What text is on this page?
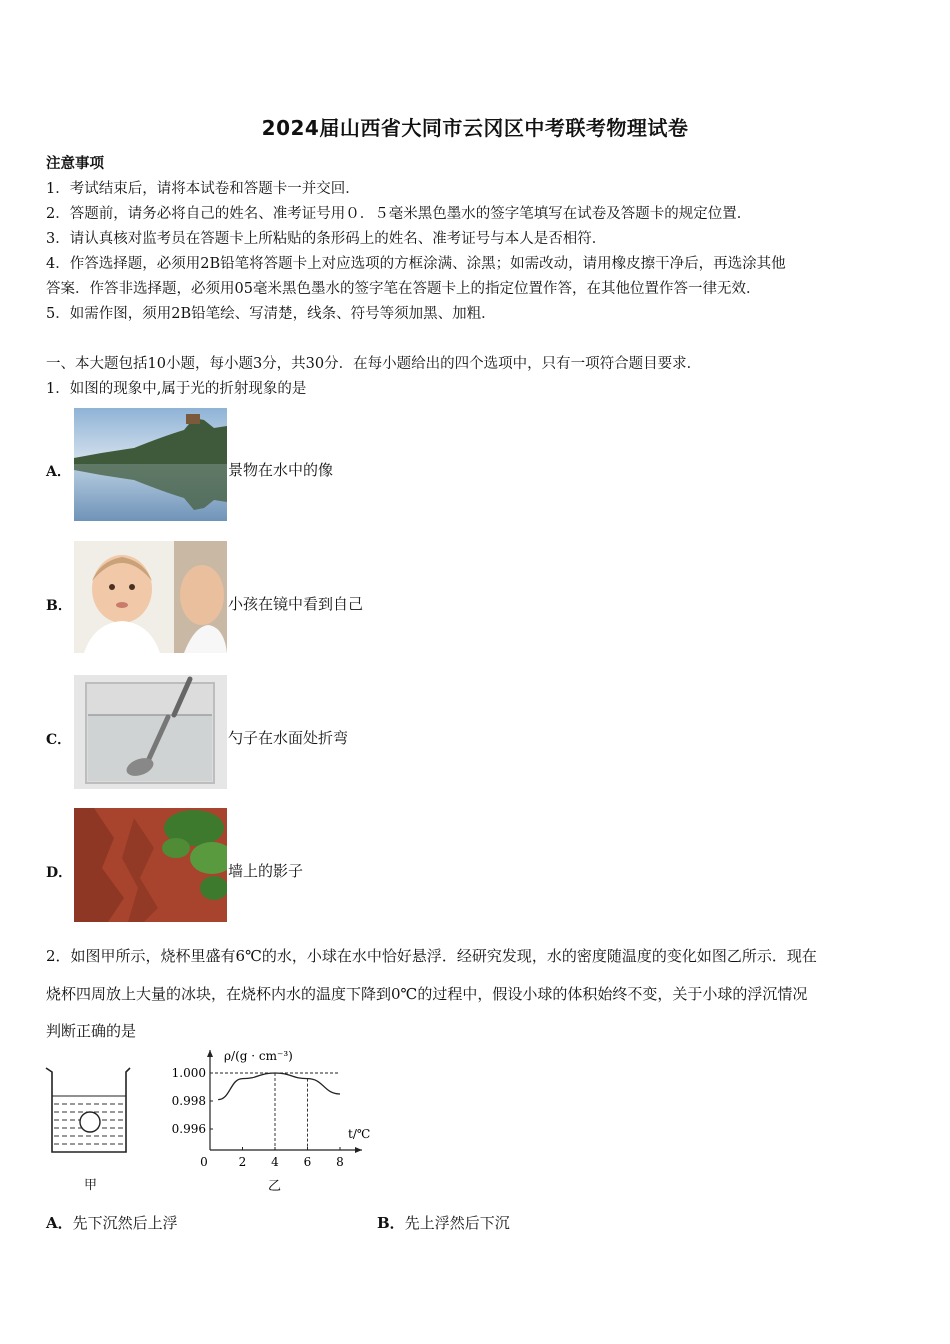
2024届山西省大同市云冈区中考联考物理试卷
注意事项
1．考试结束后，请将本试卷和答题卡一并交回．
2．答题前，请务必将自己的姓名、准考证号用０．５毫米黑色墨水的签字笔填写在试卷及答题卡的规定位置．
3．请认真核对监考员在答题卡上所粘贴的条形码上的姓名、准考证号与本人是否相符．
4．作答选择题，必须用2B铅笔将答题卡上对应选项的方框涂满、涂黑；如需改动，请用橡皮擦干净后，再选涂其他
答案．作答非选择题，必须用05毫米黑色墨水的签字笔在答题卡上的指定位置作答，在其他位置作答一律无效．
5．如需作图，须用2B铅笔绘、写清楚，线条、符号等须加黑、加粗．
一、本大题包括10小题，每小题3分，共30分．在每小题给出的四个选项中，只有一项符合题目要求．
1．如图的现象中,属于光的折射现象的是
A．	景物在水中的像
B．	小孩在镜中看到自己
C．	勺子在水面处折弯
D．	墙上的影子
2．如图甲所示，烧杯里盛有6℃的水，小球在水中恰好悬浮．经研究发现，水的密度随温度的变化如图乙所示．现在
烧杯四周放上大量的冰块，在烧杯内水的温度下降到0℃的过程中，假设小球的体积始终不变，关于小球的浮沉情况
判断正确的是
甲
ρ/(g · cm⁻³)
t/℃
0	2 4 6 8
1.000
0.998
0.996
乙
A．先下沉然后上浮	B．先上浮然后下沉
